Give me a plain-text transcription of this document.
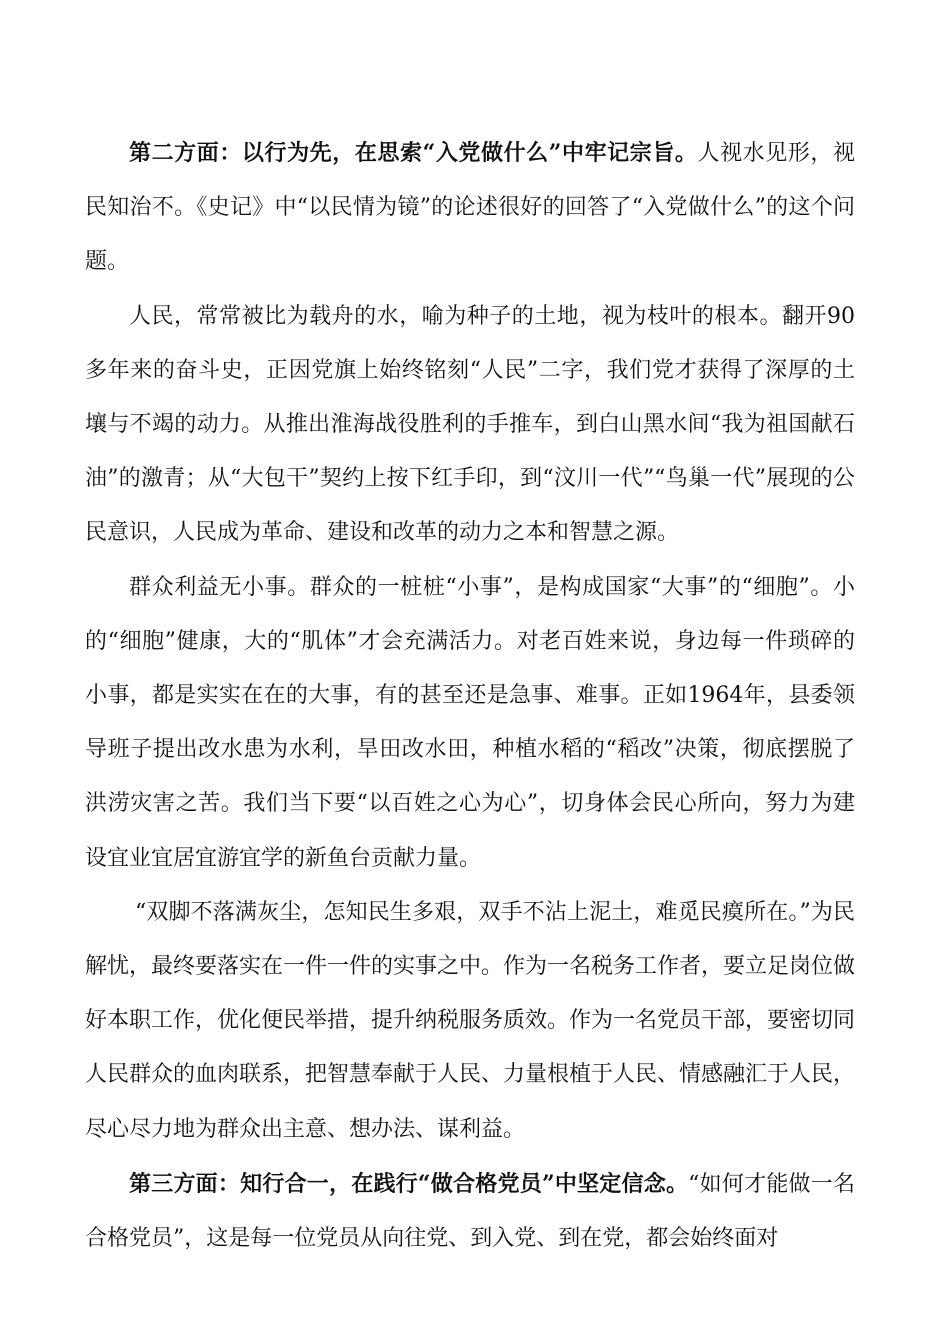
第二方面：以行为先，在思索“入党做什么”中牢记宗旨。人视水见形，视民知治不。《史记》中“以民情为镜”的论述很好的回答了“入党做什么”的这个问题。

人民，常常被比为载舟的水，喻为种子的土地，视为枝叶的根本。翻开90多年来的奋斗史，正因党旗上始终铭刻“人民”二字，我们党才获得了深厚的土壤与不竭的动力。从推出淮海战役胜利的手推车，到白山黑水间“我为祖国献石油”的激青；从“大包干”契约上按下红手印，到“汶川一代”“鸟巢一代”展现的公民意识，人民成为革命、建设和改革的动力之本和智慧之源。

群众利益无小事。群众的一桩桩“小事”，是构成国家“大事”的“细胞”。小的“细胞”健康，大的“肌体”才会充满活力。对老百姓来说，身边每一件琐碎的小事，都是实实在在的大事，有的甚至还是急事、难事。正如1964年，县委领导班子提出改水患为水利，旱田改水田，种植水稻的“稻改”决策，彻底摆脱了洪涝灾害之苦。我们当下要“以百姓之心为心”，切身体会民心所向，努力为建设宜业宜居宜游宜学的新鱼台贡献力量。

“双脚不落满灰尘，怎知民生多艰，双手不沾上泥土，难觅民瘼所在。”为民解忧，最终要落实在一件一件的实事之中。作为一名税务工作者，要立足岗位做好本职工作，优化便民举措，提升纳税服务质效。作为一名党员干部，要密切同人民群众的血肉联系，把智慧奉献于人民、力量根植于人民、情感融汇于人民，尽心尽力地为群众出主意、想办法、谋利益。

第三方面：知行合一，在践行“做合格党员”中坚定信念。“如何才能做一名合格党员”，这是每一位党员从向往党、到入党、到在党，都会始终面对
